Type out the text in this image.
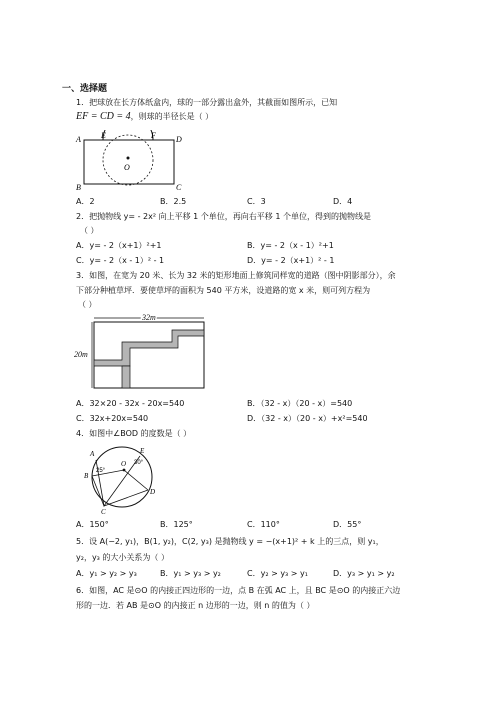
一、选择题
1．把球放在长方体纸盒内，球的一部分露出盒外，其截面如图所示，已知
EF = CD = 4，则球的半径长是（ ）
A	E	F	D
O
B	C
A．2	B．2.5	C．3	D．4
2．把抛物线 y= - 2x² 向上平移 1 个单位，再向右平移 1 个单位，得到的抛物线是
（ ）
A．y= - 2（x+1）²+1	B．y= - 2（x - 1）²+1
C．y= - 2（x - 1）² - 1	D．y= - 2（x+1）² - 1
3．如图，在宽为 20 米、长为 32 米的矩形地面上修筑同样宽的道路（图中阴影部分），余
下部分种植草坪．要使草坪的面积为 540 平方米，设道路的宽 x 米，则可列方程为
（ ）
32m
20m
A．32×20 - 32x - 20x=540	B．（32 - x）（20 - x）=540
C．32x+20x=540	D．（32 - x）（20 - x）+x²=540
4．如图中∠BOD 的度数是（ ）
A	E
O
B
D
C
25°
30°
A．150°	B．125°	C．110°	D．55°
5．设 A(−2, y₁)，B(1, y₂)，C(2, y₃) 是抛物线 y = −(x+1)² + k 上的三点，则 y₁，
y₂，y₃ 的大小关系为（ ）
A．y₁ > y₂ > y₃	B．y₁ > y₃ > y₂	C．y₂ > y₃ > y₁	D．y₃ > y₁ > y₂
6．如图，AC 是⊙O 的内接正四边形的一边，点 B 在弧 AC 上，且 BC 是⊙O 的内接正六边
形的一边．若 AB 是⊙O 的内接正 n 边形的一边，则 n 的值为（ ）
